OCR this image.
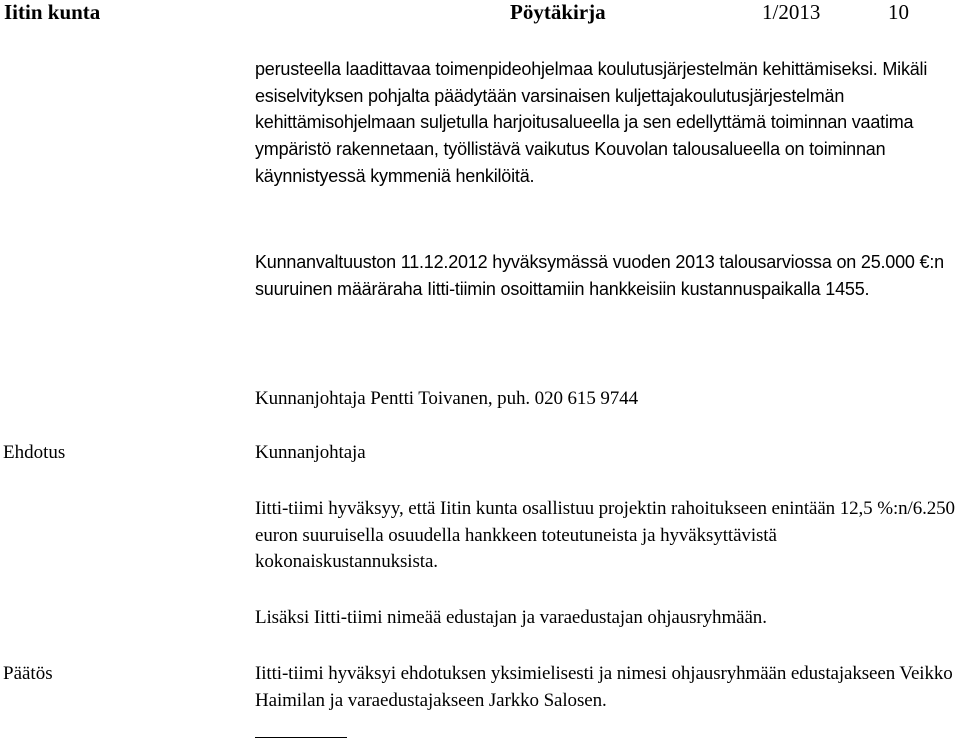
Iitin kunta	Pöytäkirja	1/2013	10
perusteella laadittavaa toimenpideohjelmaa koulutusjärjestelmän kehittämiseksi. Mikäli esiselvityksen pohjalta päädytään varsinaisen kuljettajakoulutusjärjestelmän kehittämisohjelmaan suljetulla harjoitusalueella ja sen edellyttämä toiminnan vaatima ympäristö rakennetaan, työllistävä vaikutus Kouvolan talousalueella on toiminnan käynnistyessä kymmeniä henkilöitä.
Kunnanvaltuuston 11.12.2012 hyväksymässä vuoden 2013 talousarviossa on 25.000 €:n suuruinen määräraha Iitti-tiimin osoittamiin hankkeisiin kustannuspaikalla 1455.
Kunnanjohtaja Pentti Toivanen, puh. 020 615 9744
Ehdotus	Kunnanjohtaja
Iitti-tiimi hyväksyy, että Iitin kunta osallistuu projektin rahoitukseen enintään 12,5 %:n/6.250 euron suuruisella osuudella hankkeen toteutuneista ja hyväksyttävistä kokonaiskustannuksista.
Lisäksi Iitti-tiimi nimeää edustajan ja varaedustajan ohjausryhmään.
Päätös	Iitti-tiimi hyväksyi ehdotuksen yksimielisesti ja nimesi ohjausryhmään edustajakseen Veikko Haimilan ja varaedustajakseen Jarkko Salosen.
